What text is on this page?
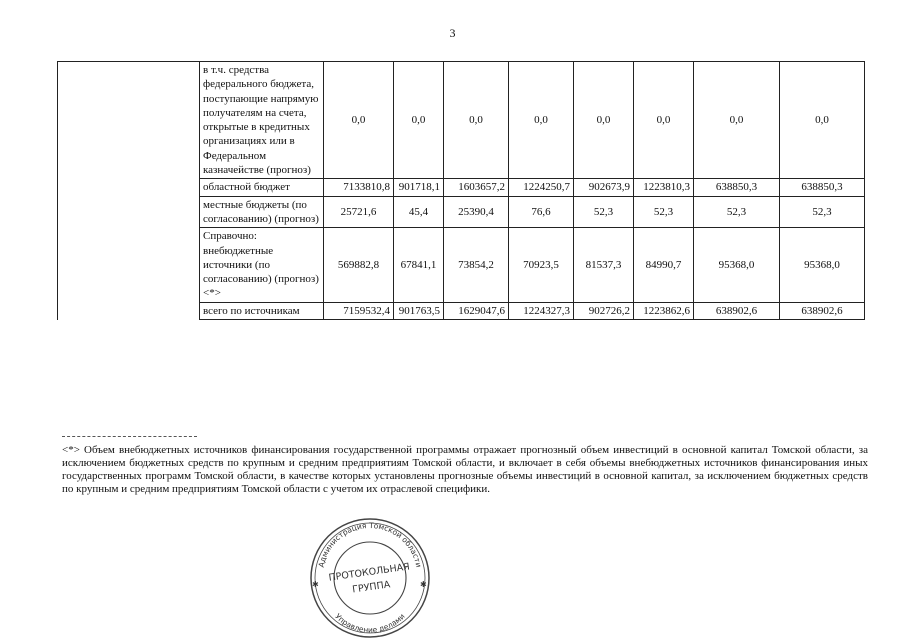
3
	в т.ч. средства федерального бюджета, поступающие напрямую получателям на счета, открытые в кредитных организациях или в Федеральном казначействе (прогноз)	0,0	0,0	0,0	0,0	0,0	0,0	0,0	0,0
	областной бюджет	7133810,8	901718,1	1603657,2	1224250,7	902673,9	1223810,3	638850,3	638850,3
	местные бюджеты (по согласованию) (прогноз)	25721,6	45,4	25390,4	76,6	52,3	52,3	52,3	52,3
	Справочно: внебюджетные источники (по согласованию) (прогноз) <*>	569882,8	67841,1	73854,2	70923,5	81537,3	84990,7	95368,0	95368,0
	всего по источникам	7159532,4	901763,5	1629047,6	1224327,3	902726,2	1223862,6	638902,6	638902,6
<*> Объем внебюджетных источников финансирования государственной программы отражает прогнозный объем инвестиций в основной капитал Томской области, за исключением бюджетных средств по крупным и средним предприятиям Томской области, и включает в себя объемы внебюджетных источников финансирования иных государственных программ Томской области, в качестве которых установлены прогнозные объемы инвестиций в основной капитал, за исключением бюджетных средств по крупным и средним предприятиям Томской области с учетом их отраслевой специфики.
Администрация Томской области
Управление делами
ПРОТОКОЛЬНАЯ
ГРУППА
✱	✱
